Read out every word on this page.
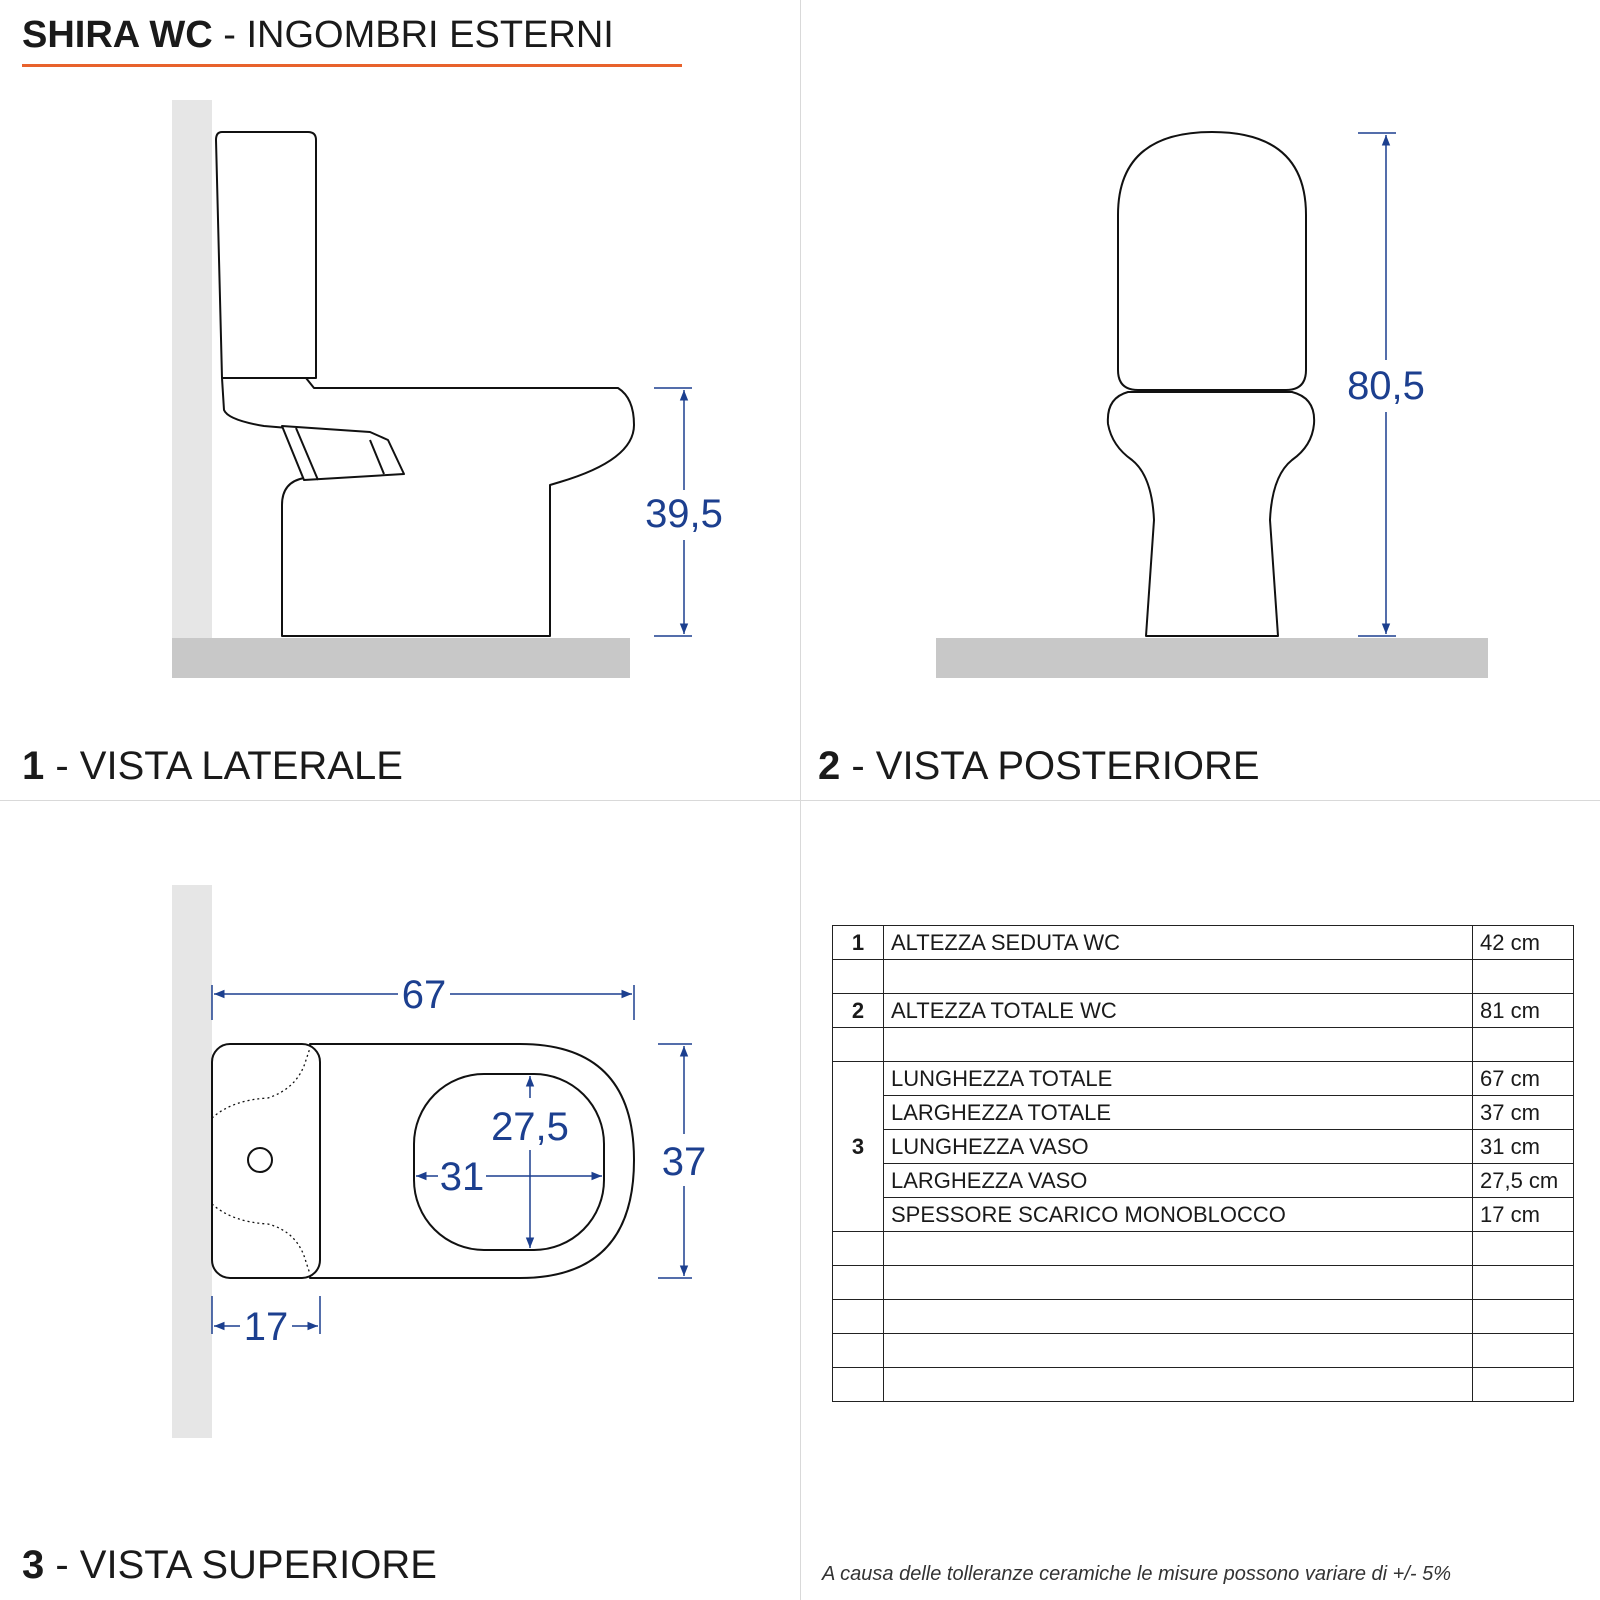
SHIRA WC - INGOMBRI ESTERNI
39,5
80,5
67
37
27,5
31
17
1 - VISTA LATERALE	2 - VISTA POSTERIORE
3 - VISTA SUPERIORE
1	ALTEZZA SEDUTA WC	42 cm

2	ALTEZZA TOTALE WC	81 cm

3	LUNGHEZZA TOTALE	67 cm
	LARGHEZZA TOTALE	37 cm
	LUNGHEZZA VASO	31 cm
	LARGHEZZA VASO	27,5 cm
	SPESSORE SCARICO MONOBLOCCO	17 cm

A causa delle tolleranze ceramiche le misure possono variare di +/- 5%
